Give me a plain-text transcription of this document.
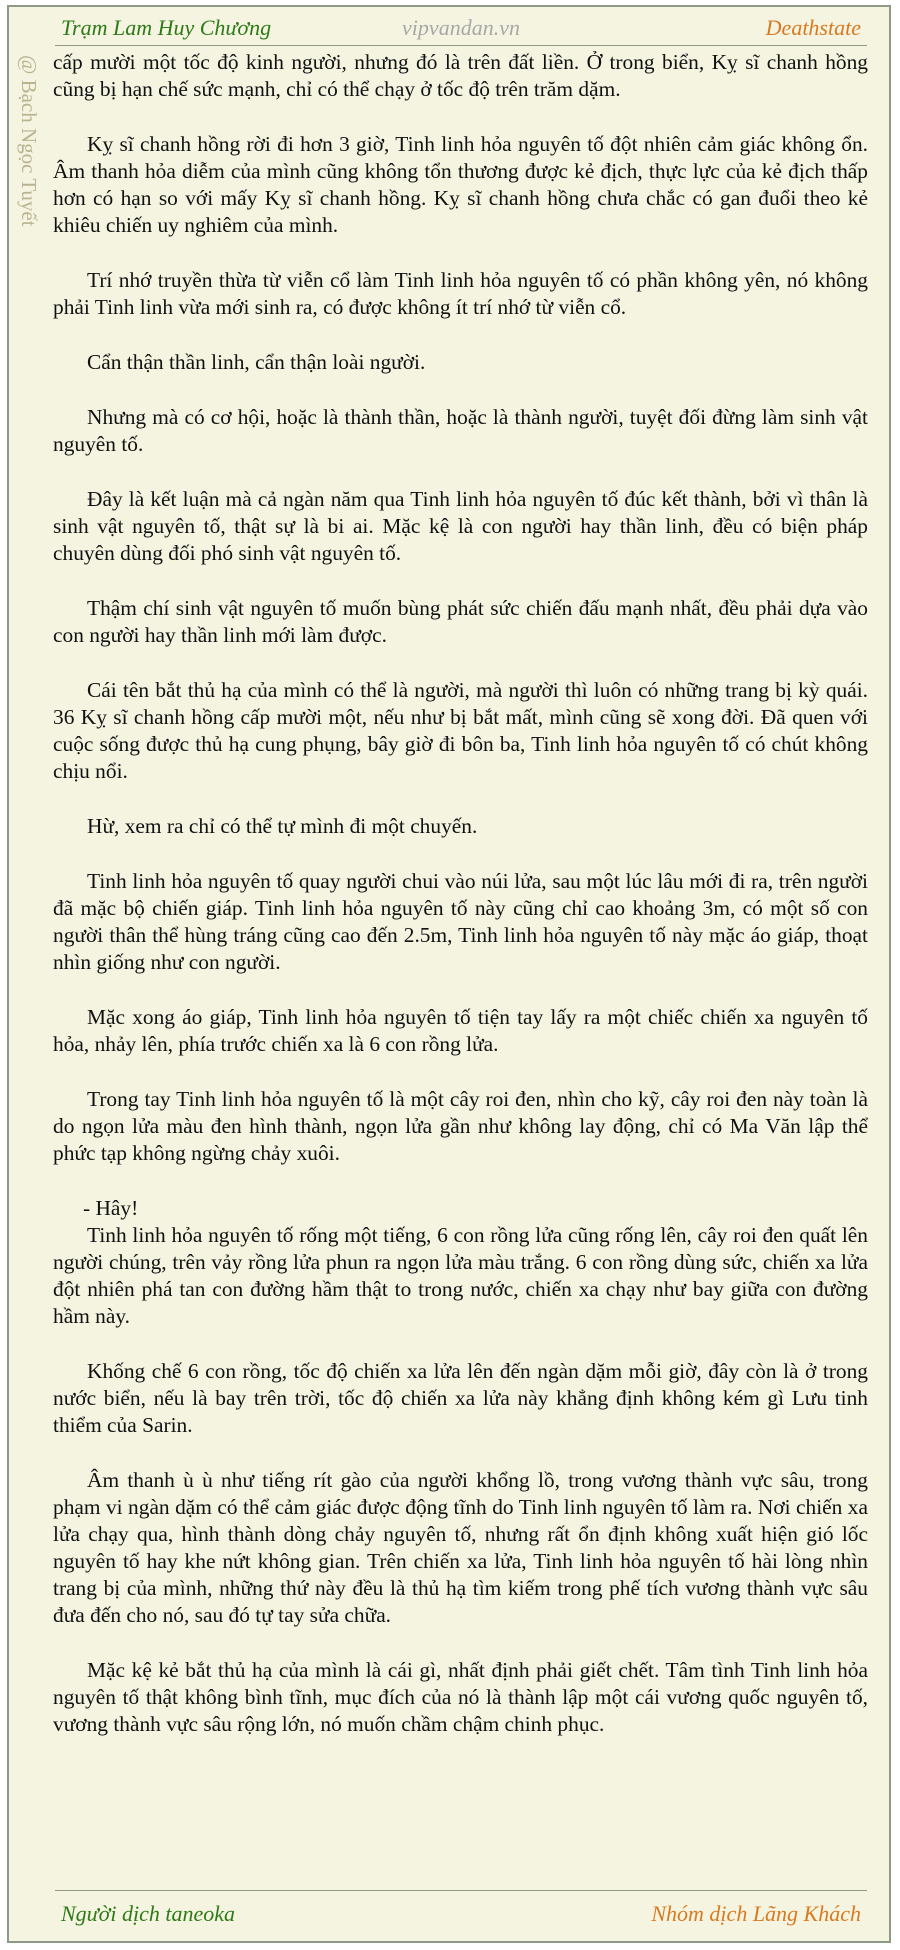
Trạm Lam Huy Chương	vipvandan.vn	Deathstate
@ Bạch Ngọc Tuyết cấp mười một tốc độ kinh người, nhưng đó là trên đất liền. Ở trong biển, Kỵ sĩ chanh hồng cũng bị hạn chế sức mạnh, chỉ có thể chạy ở tốc độ trên trăm dặm.

Kỵ sĩ chanh hồng rời đi hơn 3 giờ, Tinh linh hỏa nguyên tố đột nhiên cảm giác không ổn. Âm thanh hỏa diễm của mình cũng không tổn thương được kẻ địch, thực lực của kẻ địch thấp hơn có hạn so với mấy Kỵ sĩ chanh hồng. Kỵ sĩ chanh hồng chưa chắc có gan đuổi theo kẻ khiêu chiến uy nghiêm của mình.

Trí nhớ truyền thừa từ viễn cổ làm Tinh linh hỏa nguyên tố có phần không yên, nó không phải Tinh linh vừa mới sinh ra, có được không ít trí nhớ từ viễn cổ.

Cẩn thận thần linh, cẩn thận loài người.

Nhưng mà có cơ hội, hoặc là thành thần, hoặc là thành người, tuyệt đối đừng làm sinh vật nguyên tố.

Đây là kết luận mà cả ngàn năm qua Tinh linh hỏa nguyên tố đúc kết thành, bởi vì thân là sinh vật nguyên tố, thật sự là bi ai. Mặc kệ là con người hay thần linh, đều có biện pháp chuyên dùng đối phó sinh vật nguyên tố.

Thậm chí sinh vật nguyên tố muốn bùng phát sức chiến đấu mạnh nhất, đều phải dựa vào con người hay thần linh mới làm được.

Cái tên bắt thủ hạ của mình có thể là người, mà người thì luôn có những trang bị kỳ quái. 36 Kỵ sĩ chanh hồng cấp mười một, nếu như bị bắt mất, mình cũng sẽ xong đời. Đã quen với cuộc sống được thủ hạ cung phụng, bây giờ đi bôn ba, Tinh linh hỏa nguyên tố có chút không chịu nổi.

Hừ, xem ra chỉ có thể tự mình đi một chuyến.

Tinh linh hỏa nguyên tố quay người chui vào núi lửa, sau một lúc lâu mới đi ra, trên người đã mặc bộ chiến giáp. Tinh linh hỏa nguyên tố này cũng chỉ cao khoảng 3m, có một số con người thân thể hùng tráng cũng cao đến 2.5m, Tinh linh hỏa nguyên tố này mặc áo giáp, thoạt nhìn giống như con người.

Mặc xong áo giáp, Tinh linh hỏa nguyên tố tiện tay lấy ra một chiếc chiến xa nguyên tố hỏa, nhảy lên, phía trước chiến xa là 6 con rồng lửa.

Trong tay Tinh linh hỏa nguyên tố là một cây roi đen, nhìn cho kỹ, cây roi đen này toàn là do ngọn lửa màu đen hình thành, ngọn lửa gần như không lay động, chỉ có Ma Văn lập thể phức tạp không ngừng chảy xuôi.

- Hây!

Tinh linh hỏa nguyên tố rống một tiếng, 6 con rồng lửa cũng rống lên, cây roi đen quất lên người chúng, trên vảy rồng lửa phun ra ngọn lửa màu trắng. 6 con rồng dùng sức, chiến xa lửa đột nhiên phá tan con đường hầm thật to trong nước, chiến xa chạy như bay giữa con đường hầm này.

Khống chế 6 con rồng, tốc độ chiến xa lửa lên đến ngàn dặm mỗi giờ, đây còn là ở trong nước biển, nếu là bay trên trời, tốc độ chiến xa lửa này khẳng định không kém gì Lưu tinh thiểm của Sarin.

Âm thanh ù ù như tiếng rít gào của người khổng lồ, trong vương thành vực sâu, trong phạm vi ngàn dặm có thể cảm giác được động tĩnh do Tinh linh nguyên tố làm ra. Nơi chiến xa lửa chạy qua, hình thành dòng chảy nguyên tố, nhưng rất ổn định không xuất hiện gió lốc nguyên tố hay khe nứt không gian. Trên chiến xa lửa, Tinh linh hỏa nguyên tố hài lòng nhìn trang bị của mình, những thứ này đều là thủ hạ tìm kiếm trong phế tích vương thành vực sâu đưa đến cho nó, sau đó tự tay sửa chữa.

Mặc kệ kẻ bắt thủ hạ của mình là cái gì, nhất định phải giết chết. Tâm tình Tinh linh hỏa nguyên tố thật không bình tĩnh, mục đích của nó là thành lập một cái vương quốc nguyên tố, vương thành vực sâu rộng lớn, nó muốn chầm chậm chinh phục.

Người dịch taneoka	Nhóm dịch Lãng Khách
